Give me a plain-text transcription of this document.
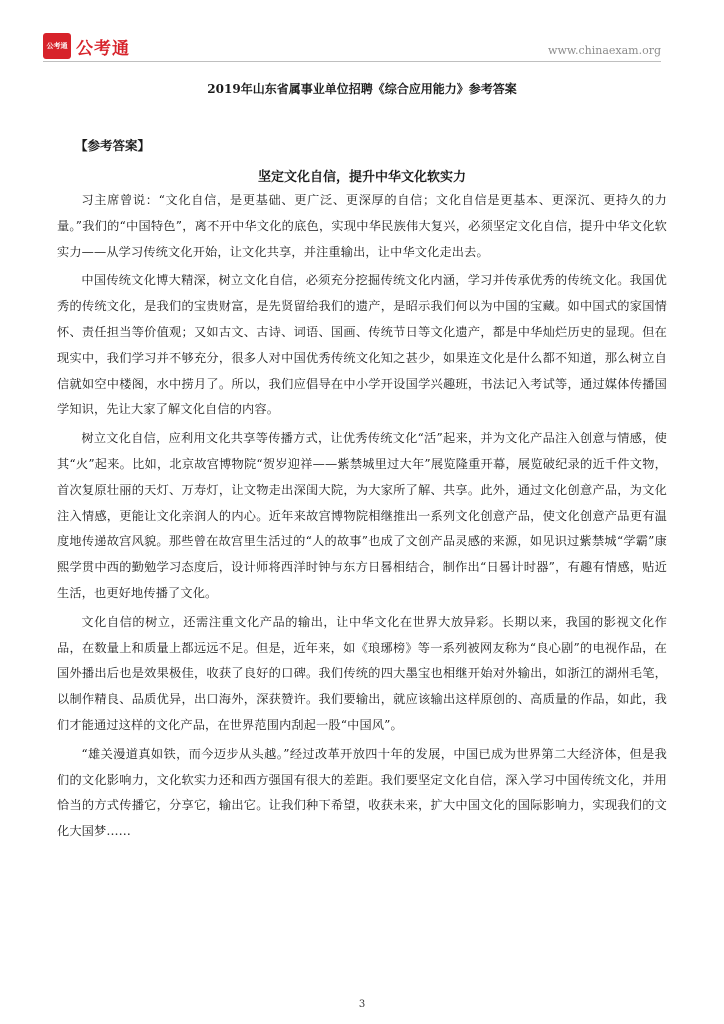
公考通 公考通	www.chinaexam.org
2019年山东省属事业单位招聘《综合应用能力》参考答案
【参考答案】
坚定文化自信，提升中华文化软实力

习主席曾说：“文化自信，是更基础、更广泛、更深厚的自信；文化自信是更基本、更深沉、更持久的力量。”我们的“中国特色”，离不开中华文化的底色，实现中华民族伟大复兴，必须坚定文化自信，提升中华文化软实力——从学习传统文化开始，让文化共享，并注重输出，让中华文化走出去。

中国传统文化博大精深，树立文化自信，必须充分挖掘传统文化内涵，学习并传承优秀的传统文化。我国优秀的传统文化，是我们的宝贵财富，是先贤留给我们的遗产，是昭示我们何以为中国的宝藏。如中国式的家国情怀、责任担当等价值观；又如古文、古诗、词语、国画、传统节日等文化遗产，都是中华灿烂历史的显现。但在现实中，我们学习并不够充分，很多人对中国优秀传统文化知之甚少，如果连文化是什么都不知道，那么树立自信就如空中楼阁，水中捞月了。所以，我们应倡导在中小学开设国学兴趣班，书法记入考试等，通过媒体传播国学知识，先让大家了解文化自信的内容。

树立文化自信，应利用文化共享等传播方式，让优秀传统文化“活”起来，并为文化产品注入创意与情感，使其“火”起来。比如，北京故宫博物院“贺岁迎祥——紫禁城里过大年”展览隆重开幕，展览破纪录的近千件文物，首次复原壮丽的天灯、万寿灯，让文物走出深闺大院，为大家所了解、共享。此外，通过文化创意产品，为文化注入情感，更能让文化亲润人的内心。近年来故宫博物院相继推出一系列文化创意产品，使文化创意产品更有温度地传递故宫风貌。那些曾在故宫里生活过的“人的故事”也成了文创产品灵感的来源，如见识过紫禁城“学霸”康熙学贯中西的勤勉学习态度后，设计师将西洋时钟与东方日晷相结合，制作出“日晷计时器”，有趣有情感，贴近生活，也更好地传播了文化。

文化自信的树立，还需注重文化产品的输出，让中华文化在世界大放异彩。长期以来，我国的影视文化作品，在数量上和质量上都远远不足。但是，近年来，如《琅琊榜》等一系列被网友称为“良心剧”的电视作品，在国外播出后也是效果极佳，收获了良好的口碑。我们传统的四大墨宝也相继开始对外输出，如浙江的湖州毛笔，以制作精良、品质优异，出口海外，深获赞许。我们要输出，就应该输出这样原创的、高质量的作品，如此，我们才能通过这样的文化产品，在世界范围内刮起一股“中国风”。

“雄关漫道真如铁，而今迈步从头越。”经过改革开放四十年的发展，中国已成为世界第二大经济体，但是我们的文化影响力，文化软实力还和西方强国有很大的差距。我们要坚定文化自信，深入学习中国传统文化，并用恰当的方式传播它，分享它，输出它。让我们种下希望，收获未来，扩大中国文化的国际影响力，实现我们的文化大国梦……

3
